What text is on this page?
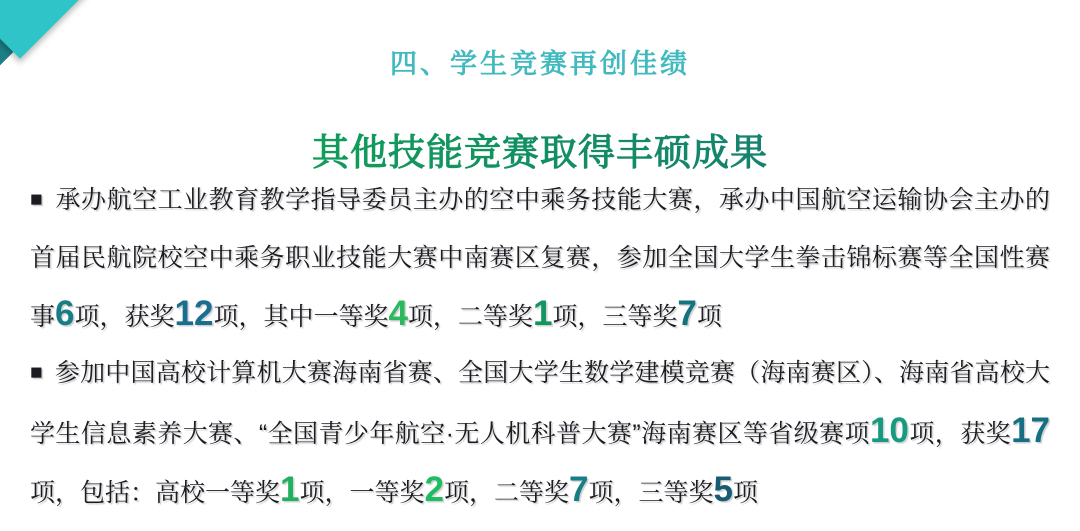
四、学生竞赛再创佳绩
其他技能竞赛取得丰硕成果

■ 承办航空工业教育教学指导委员主办的空中乘务技能大赛，承办中国航空运输协会主办的首届民航院校空中乘务职业技能大赛中南赛区复赛，参加全国大学生拳击锦标赛等全国性赛事6项，获奖12项，其中一等奖4项，二等奖1项，三等奖7项

■ 参加中国高校计算机大赛海南省赛、全国大学生数学建模竞赛（海南赛区）、海南省高校大学生信息素养大赛、“全国青少年航空·无人机科普大赛”海南赛区等省级赛项10项，获奖17项，包括：高校一等奖1项，一等奖2项，二等奖7项，三等奖5项
